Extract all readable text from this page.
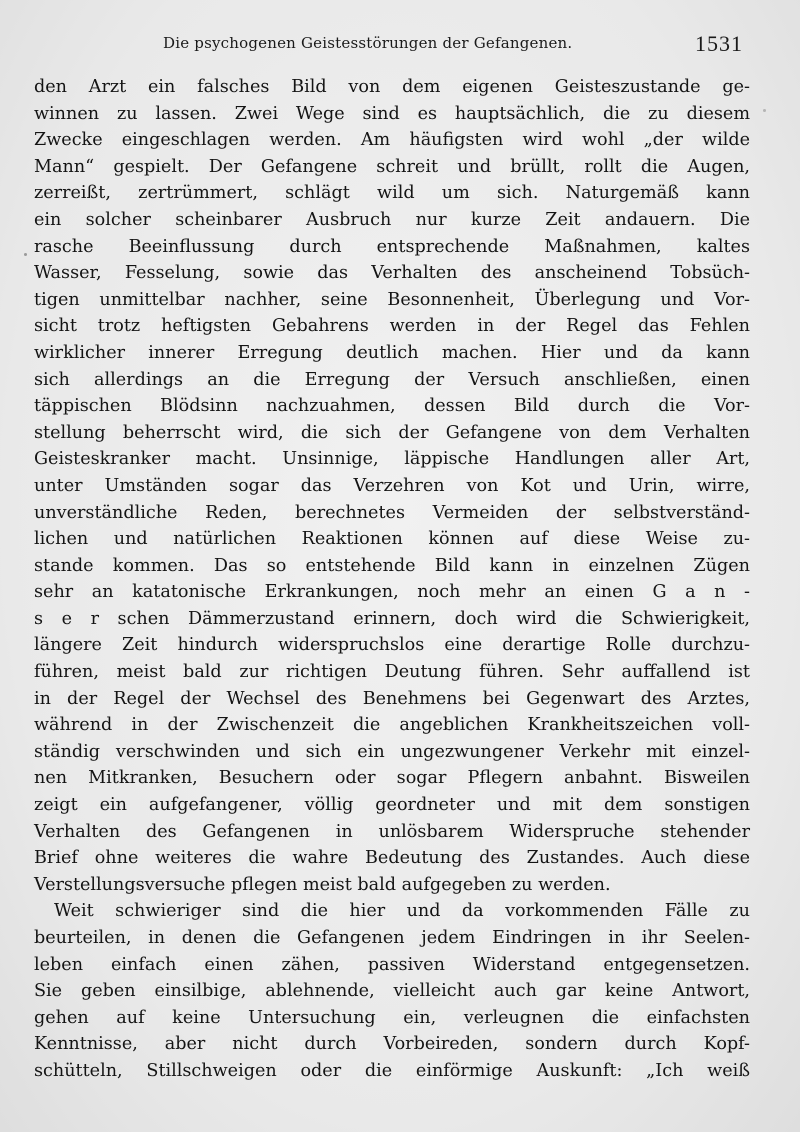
Die psychogenen Geistesstörungen der Gefangenen.	1531
den Arzt ein falsches Bild von dem eigenen Geisteszustande ge-
winnen zu lassen. Zwei Wege sind es hauptsächlich, die zu diesem
Zwecke eingeschlagen werden. Am häufigsten wird wohl „der wilde
Mann“ gespielt. Der Gefangene schreit und brüllt, rollt die Augen,
zerreißt, zertrümmert, schlägt wild um sich. Naturgemäß kann
ein solcher scheinbarer Ausbruch nur kurze Zeit andauern. Die
rasche Beeinflussung durch entsprechende Maßnahmen, kaltes
Wasser, Fesselung, sowie das Verhalten des anscheinend Tobsüch-
tigen unmittelbar nachher, seine Besonnenheit, Überlegung und Vor-
sicht trotz heftigsten Gebahrens werden in der Regel das Fehlen
wirklicher innerer Erregung deutlich machen. Hier und da kann
sich allerdings an die Erregung der Versuch anschließen, einen
täppischen Blödsinn nachzuahmen, dessen Bild durch die Vor-
stellung beherrscht wird, die sich der Gefangene von dem Verhalten
Geisteskranker macht. Unsinnige, läppische Handlungen aller Art,
unter Umständen sogar das Verzehren von Kot und Urin, wirre,
unverständliche Reden, berechnetes Vermeiden der selbstverständ-
lichen und natürlichen Reaktionen können auf diese Weise zu-
stande kommen. Das so entstehende Bild kann in einzelnen Zügen
sehr an katatonische Erkrankungen, noch mehr an einen G a n -
s e r schen Dämmerzustand erinnern, doch wird die Schwierigkeit,
längere Zeit hindurch widerspruchslos eine derartige Rolle durchzu-
führen, meist bald zur richtigen Deutung führen. Sehr auffallend ist
in der Regel der Wechsel des Benehmens bei Gegenwart des Arztes,
während in der Zwischenzeit die angeblichen Krankheitszeichen voll-
ständig verschwinden und sich ein ungezwungener Verkehr mit einzel-
nen Mitkranken, Besuchern oder sogar Pflegern anbahnt. Bisweilen
zeigt ein aufgefangener, völlig geordneter und mit dem sonstigen
Verhalten des Gefangenen in unlösbarem Widerspruche stehender
Brief ohne weiteres die wahre Bedeutung des Zustandes. Auch diese
Verstellungsversuche pflegen meist bald aufgegeben zu werden.
Weit schwieriger sind die hier und da vorkommenden Fälle zu
beurteilen, in denen die Gefangenen jedem Eindringen in ihr Seelen-
leben einfach einen zähen, passiven Widerstand entgegensetzen.
Sie geben einsilbige, ablehnende, vielleicht auch gar keine Antwort,
gehen auf keine Untersuchung ein, verleugnen die einfachsten
Kenntnisse, aber nicht durch Vorbeireden, sondern durch Kopf-
schütteln, Stillschweigen oder die einförmige Auskunft: „Ich weiß
